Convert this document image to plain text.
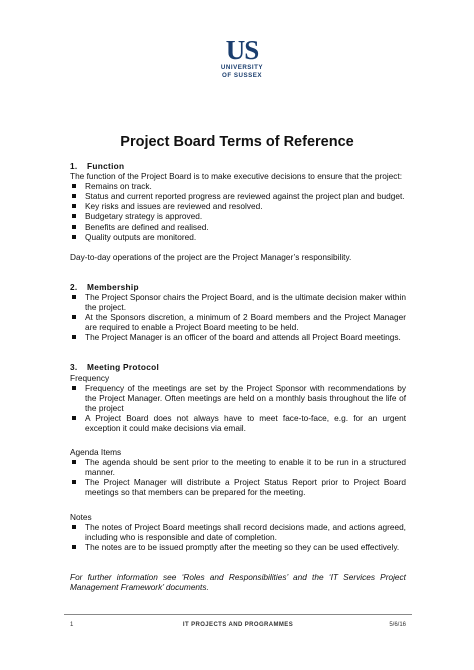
US
UNIVERSITY
OF SUSSEX
Project Board Terms of Reference
1. Function

The function of the Project Board is to make executive decisions to ensure that the project:

Remains on track.
Status and current reported progress are reviewed against the project plan and budget.
Key risks and issues are reviewed and resolved.
Budgetary strategy is approved.
Benefits are defined and realised.
Quality outputs are monitored.

Day-to-day operations of the project are the Project Manager’s responsibility.

2. Membership
The Project Sponsor chairs the Project Board, and is the ultimate decision maker within the project.
At the Sponsors discretion, a minimum of 2 Board members and the Project Manager are required to enable a Project Board meeting to be held.
The Project Manager is an officer of the board and attends all Project Board meetings.
3. Meeting Protocol

Frequency

Frequency of the meetings are set by the Project Sponsor with recommendations by the Project Manager. Often meetings are held on a monthly basis throughout the life of the project
A Project Board does not always have to meet face-to-face, e.g. for an urgent exception it could make decisions via email.

Agenda Items

The agenda should be sent prior to the meeting to enable it to be run in a structured manner.
The Project Manager will distribute a Project Status Report prior to Project Board meetings so that members can be prepared for the meeting.

Notes

The notes of Project Board meetings shall record decisions made, and actions agreed, including who is responsible and date of completion.
The notes are to be issued promptly after the meeting so they can be used effectively.

For further information see ‘Roles and Responsibilities’ and the ‘IT Services Project Management Framework’ documents.

1	IT PROJECTS AND PROGRAMMES	5/6/16
